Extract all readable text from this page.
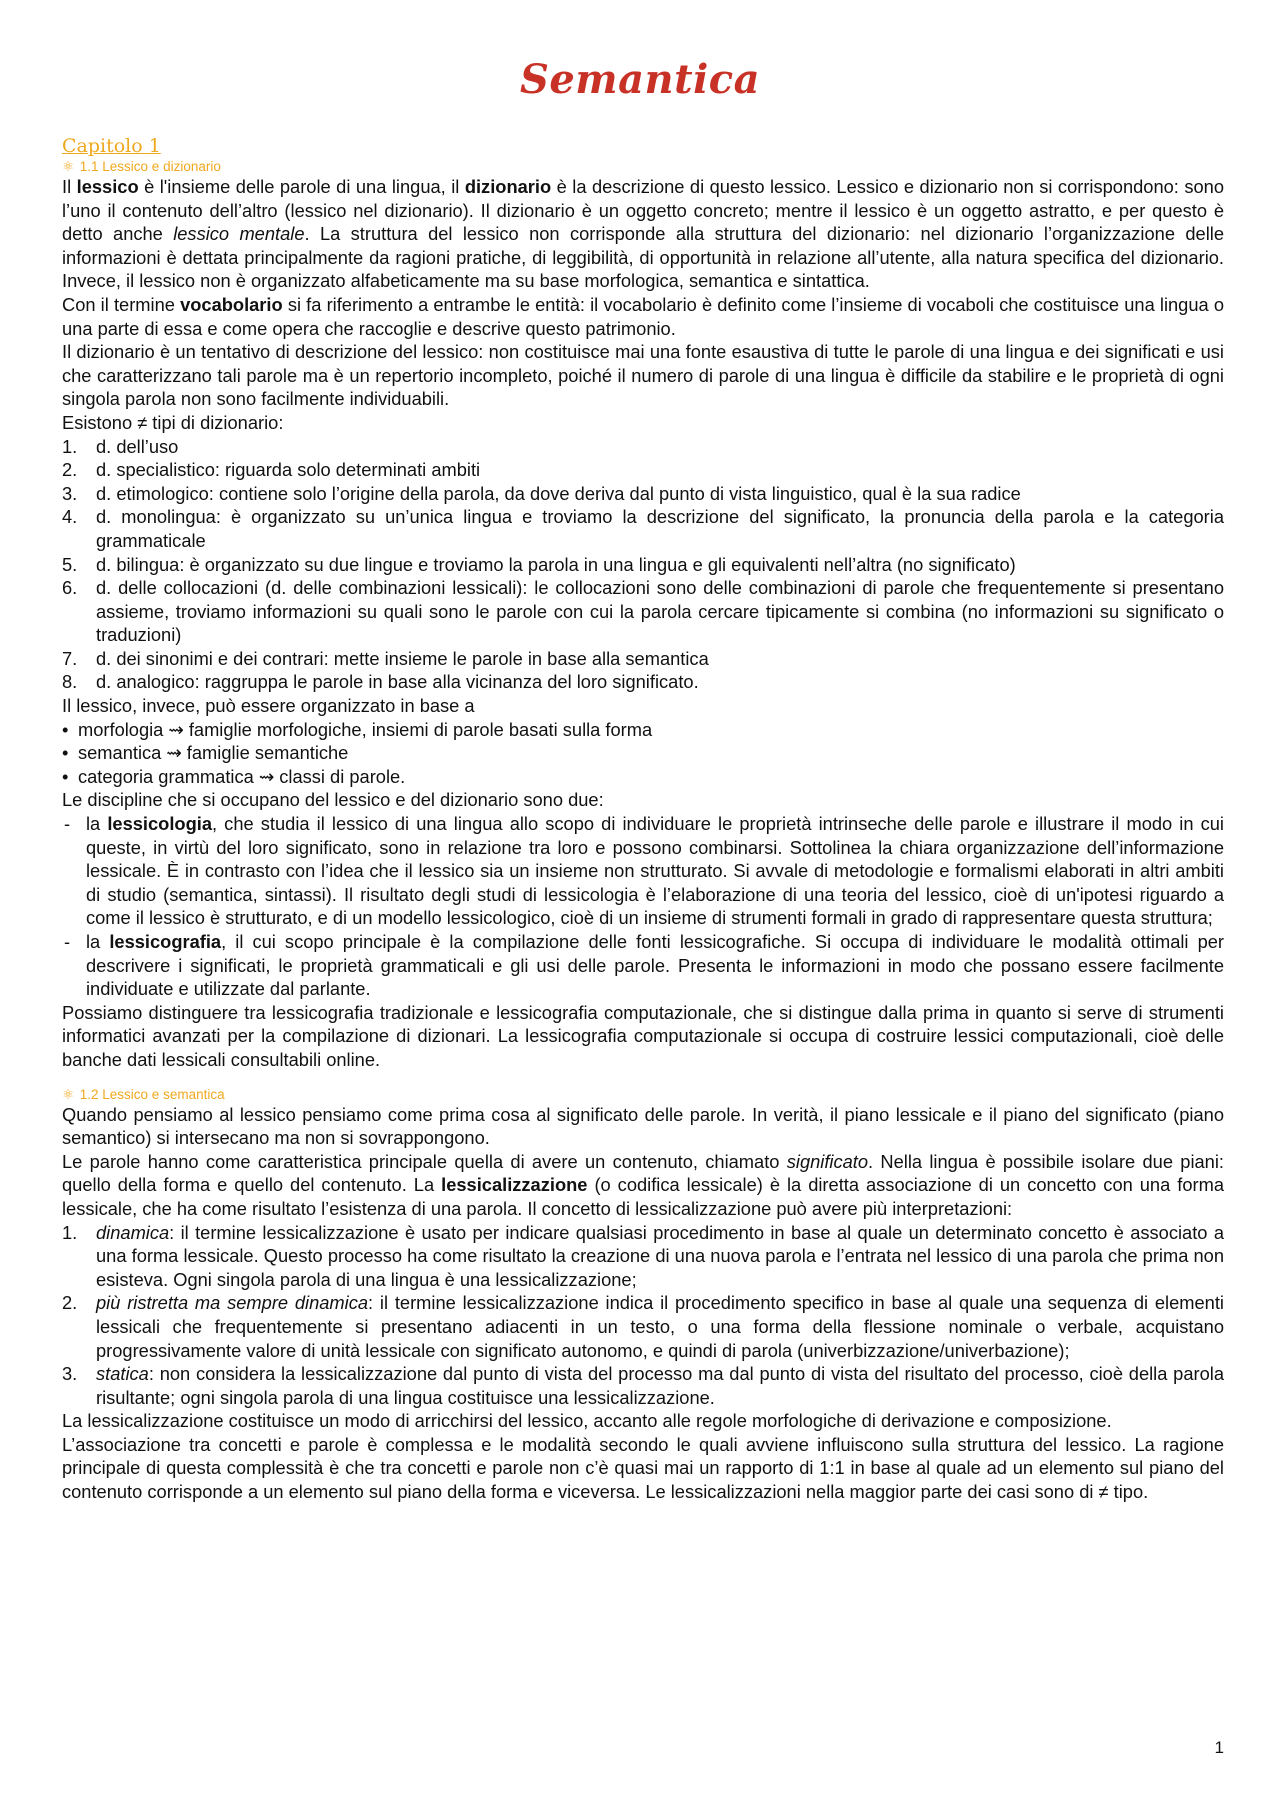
Semantica
Capitolo 1
⚛ 1.1 Lessico e dizionario

Il lessico è l'insieme delle parole di una lingua, il dizionario è la descrizione di questo lessico. Lessico e dizionario non si corrispondono: sono l’uno il contenuto dell’altro (lessico nel dizionario). Il dizionario è un oggetto concreto; mentre il lessico è un oggetto astratto, e per questo è detto anche lessico mentale. La struttura del lessico non corrisponde alla struttura del dizionario: nel dizionario l’organizzazione delle informazioni è dettata principalmente da ragioni pratiche, di leggibilità, di opportunità in relazione all’utente, alla natura specifica del dizionario. Invece, il lessico non è organizzato alfabeticamente ma su base morfologica, semantica e sintattica.

Con il termine vocabolario si fa riferimento a entrambe le entità: il vocabolario è definito come l’insieme di vocaboli che costituisce una lingua o una parte di essa e come opera che raccoglie e descrive questo patrimonio.

Il dizionario è un tentativo di descrizione del lessico: non costituisce mai una fonte esaustiva di tutte le parole di una lingua e dei significati e usi che caratterizzano tali parole ma è un repertorio incompleto, poiché il numero di parole di una lingua è difficile da stabilire e le proprietà di ogni singola parola non sono facilmente individuabili.

Esistono ≠ tipi di dizionario:

1. d. dell’uso
2. d. specialistico: riguarda solo determinati ambiti
3. d. etimologico: contiene solo l’origine della parola, da dove deriva dal punto di vista linguistico, qual è la sua radice
4. d. monolingua: è organizzato su un’unica lingua e troviamo la descrizione del significato, la pronuncia della parola e la categoria grammaticale
5. d. bilingua: è organizzato su due lingue e troviamo la parola in una lingua e gli equivalenti nell’altra (no significato)
6. d. delle collocazioni (d. delle combinazioni lessicali): le collocazioni sono delle combinazioni di parole che frequentemente si presentano assieme, troviamo informazioni su quali sono le parole con cui la parola cercare tipicamente si combina (no informazioni su significato o traduzioni)
7. d. dei sinonimi e dei contrari: mette insieme le parole in base alla semantica
8. d. analogico: raggruppa le parole in base alla vicinanza del loro significato.

Il lessico, invece, può essere organizzato in base a

• morfologia ⇝ famiglie morfologiche, insiemi di parole basati sulla forma
• semantica ⇝ famiglie semantiche
• categoria grammatica ⇝ classi di parole.

Le discipline che si occupano del lessico e del dizionario sono due:

- la lessicologia, che studia il lessico di una lingua allo scopo di individuare le proprietà intrinseche delle parole e illustrare il modo in cui queste, in virtù del loro significato, sono in relazione tra loro e possono combinarsi. Sottolinea la chiara organizzazione dell’informazione lessicale. È in contrasto con l’idea che il lessico sia un insieme non strutturato. Si avvale di metodologie e formalismi elaborati in altri ambiti di studio (semantica, sintassi). Il risultato degli studi di lessicologia è l’elaborazione di una teoria del lessico, cioè di un'ipotesi riguardo a come il lessico è strutturato, e di un modello lessicologico, cioè di un insieme di strumenti formali in grado di rappresentare questa struttura;
- la lessicografia, il cui scopo principale è la compilazione delle fonti lessicografiche. Si occupa di individuare le modalità ottimali per descrivere i significati, le proprietà grammaticali e gli usi delle parole. Presenta le informazioni in modo che possano essere facilmente individuate e utilizzate dal parlante.

Possiamo distinguere tra lessicografia tradizionale e lessicografia computazionale, che si distingue dalla prima in quanto si serve di strumenti informatici avanzati per la compilazione di dizionari. La lessicografia computazionale si occupa di costruire lessici computazionali, cioè delle banche dati lessicali consultabili online.

⚛ 1.2 Lessico e semantica

Quando pensiamo al lessico pensiamo come prima cosa al significato delle parole. In verità, il piano lessicale e il piano del significato (piano semantico) si intersecano ma non si sovrappongono.

Le parole hanno come caratteristica principale quella di avere un contenuto, chiamato significato. Nella lingua è possibile isolare due piani: quello della forma e quello del contenuto. La lessicalizzazione (o codifica lessicale) è la diretta associazione di un concetto con una forma lessicale, che ha come risultato l’esistenza di una parola. Il concetto di lessicalizzazione può avere più interpretazioni:

1. dinamica: il termine lessicalizzazione è usato per indicare qualsiasi procedimento in base al quale un determinato concetto è associato a una forma lessicale. Questo processo ha come risultato la creazione di una nuova parola e l’entrata nel lessico di una parola che prima non esisteva. Ogni singola parola di una lingua è una lessicalizzazione;
2. più ristretta ma sempre dinamica: il termine lessicalizzazione indica il procedimento specifico in base al quale una sequenza di elementi lessicali che frequentemente si presentano adiacenti in un testo, o una forma della flessione nominale o verbale, acquistano progressivamente valore di unità lessicale con significato autonomo, e quindi di parola (univerbizzazione/univerbazione);
3. statica: non considera la lessicalizzazione dal punto di vista del processo ma dal punto di vista del risultato del processo, cioè della parola risultante; ogni singola parola di una lingua costituisce una lessicalizzazione.

La lessicalizzazione costituisce un modo di arricchirsi del lessico, accanto alle regole morfologiche di derivazione e composizione.

L’associazione tra concetti e parole è complessa e le modalità secondo le quali avviene influiscono sulla struttura del lessico. La ragione principale di questa complessità è che tra concetti e parole non c’è quasi mai un rapporto di 1:1 in base al quale ad un elemento sul piano del contenuto corrisponde a un elemento sul piano della forma e viceversa. Le lessicalizzazioni nella maggior parte dei casi sono di ≠ tipo.

1
